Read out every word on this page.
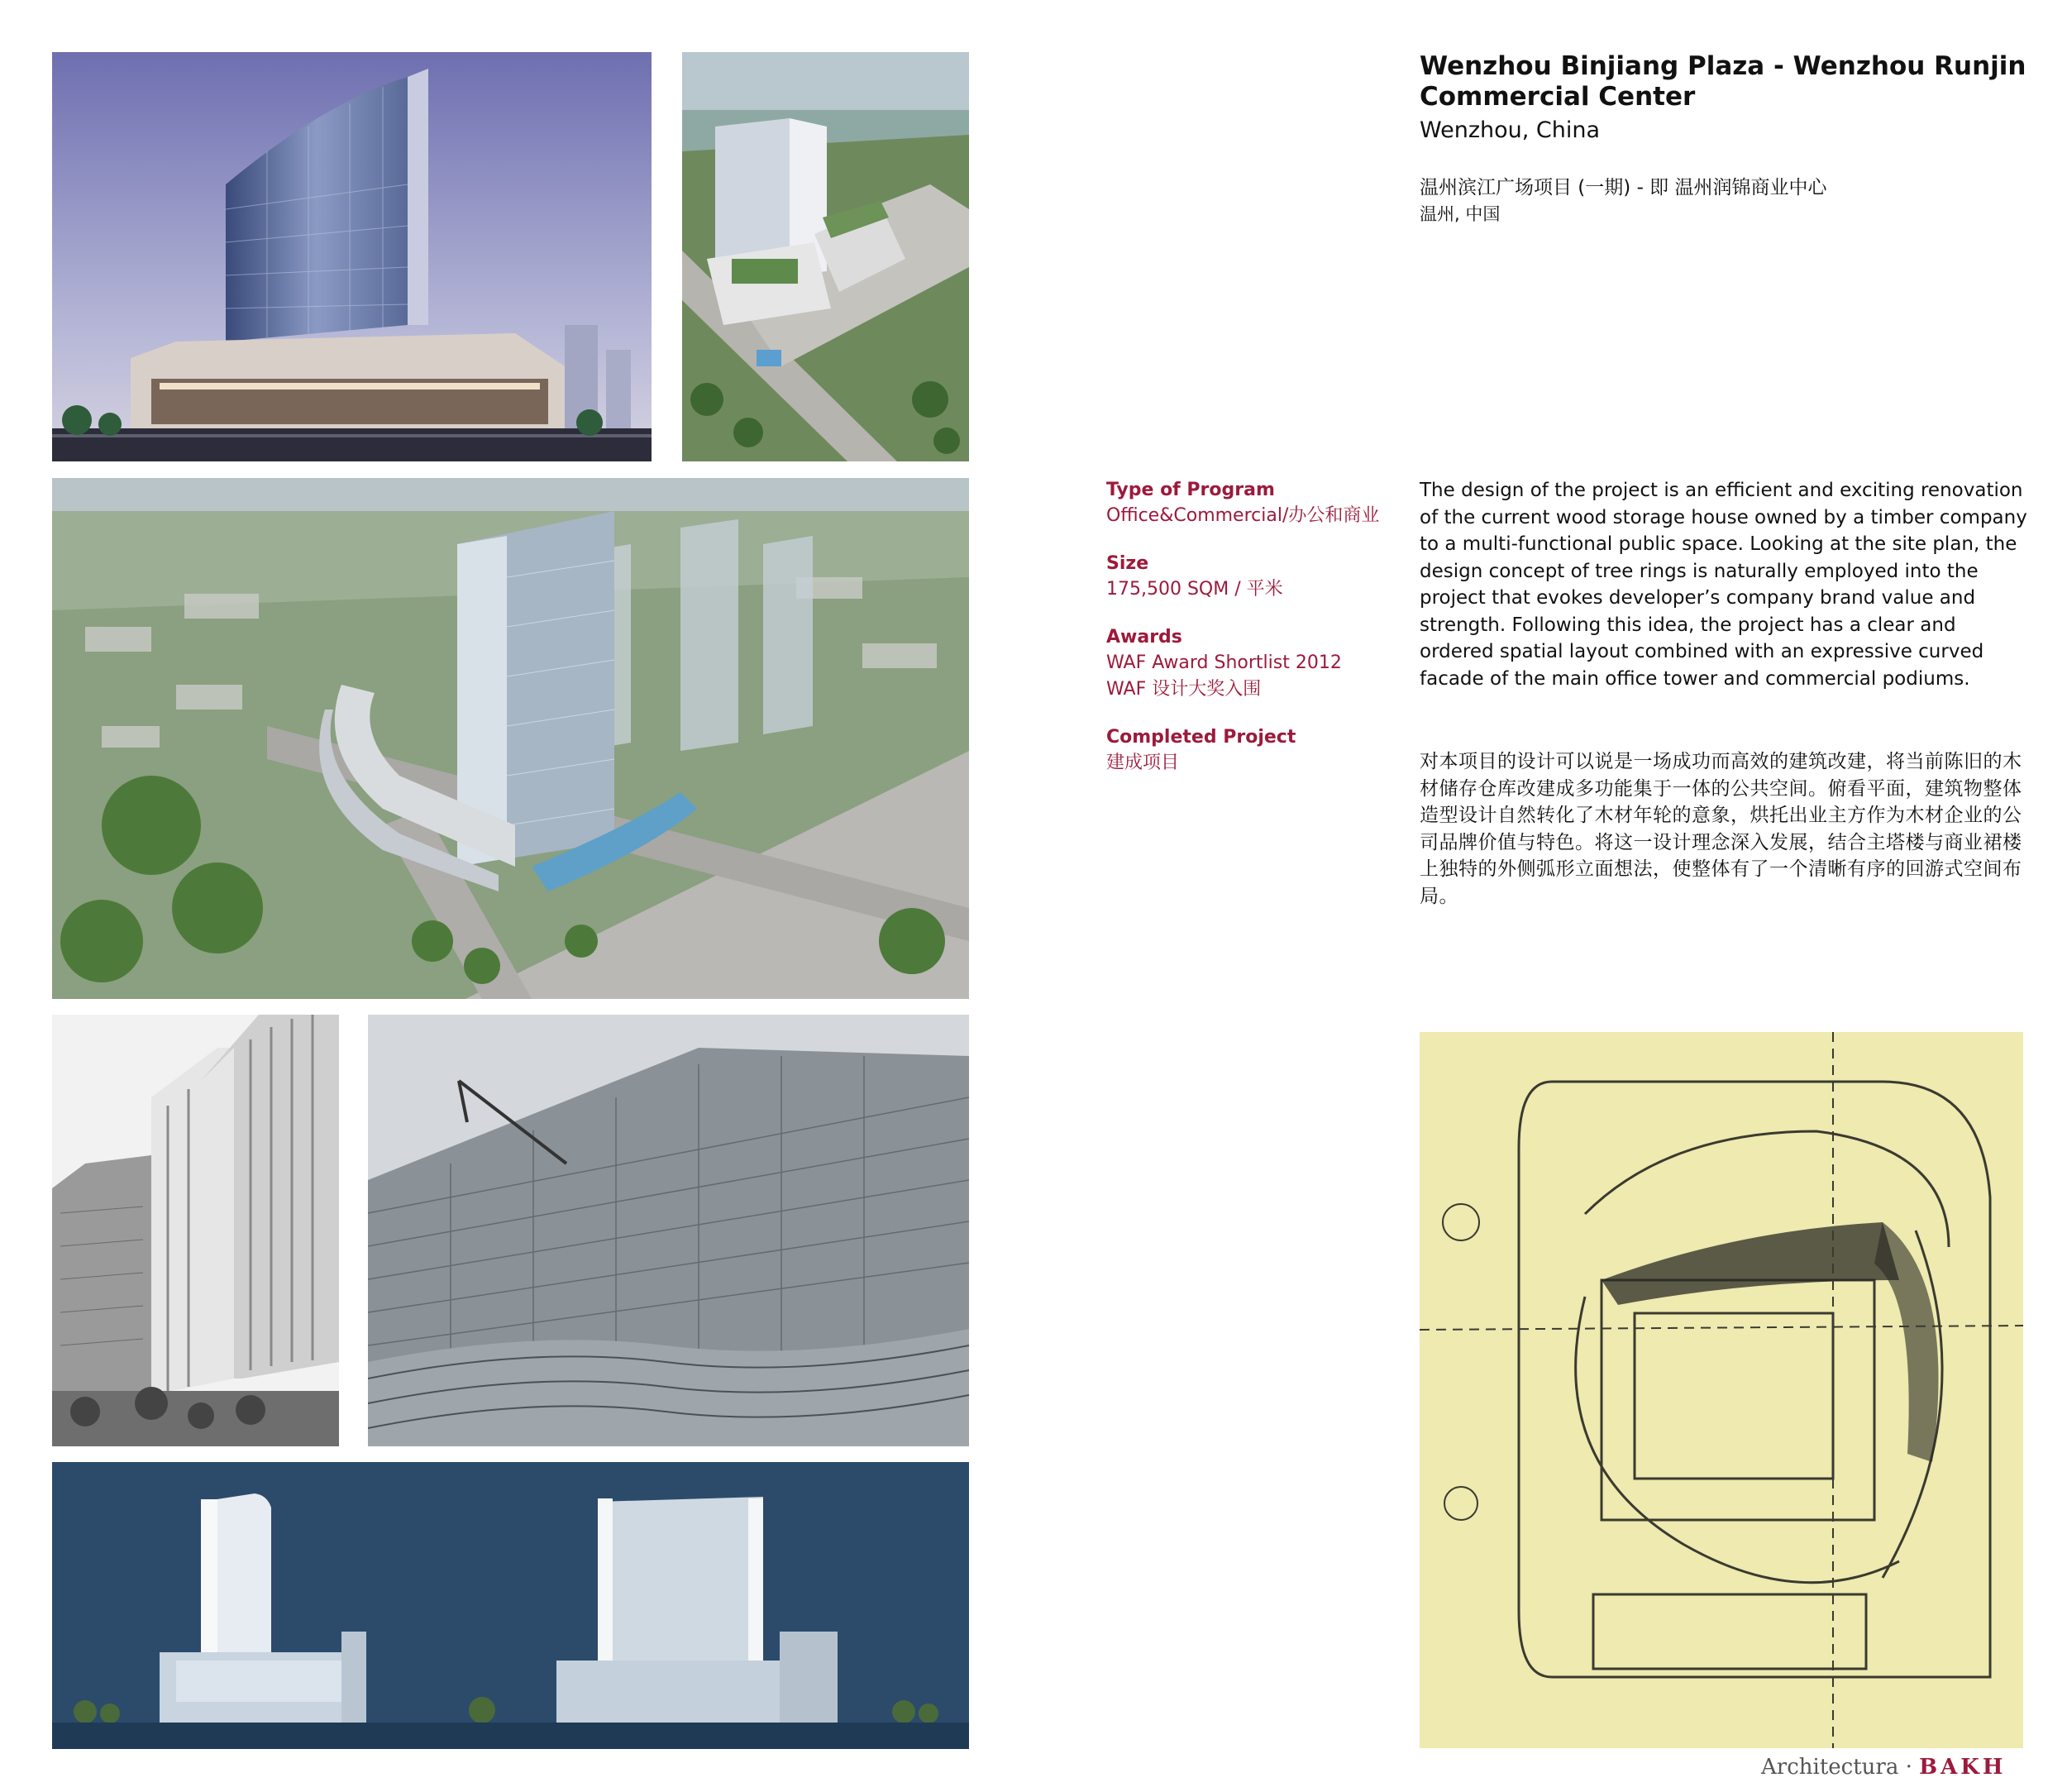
Wenzhou Binjiang Plaza - Wenzhou Runjin Commercial Center
Wenzhou, China
温州滨江广场项目 (一期) - 即 温州润锦商业中心
温州, 中国
Type of Program
Office&Commercial/办公和商业
Size
175,500 SQM / 平米
Awards
WAF Award Shortlist 2012
WAF 设计大奖入围
Completed Project
建成项目

The design of the project is an efficient and exciting renovation of the current wood storage house owned by a timber company to a multi-functional public space. Looking at the site plan, the design concept of tree rings is naturally employed into the project that evokes developer’s company brand value and strength. Following this idea, the project has a clear and ordered spatial layout combined with an expressive curved facade of the main office tower and commercial podiums.

对本项目的设计可以说是一场成功而高效的建筑改建，将当前陈旧的木材储存仓库改建成多功能集于一体的公共空间。俯看平面，建筑物整体造型设计自然转化了木材年轮的意象，烘托出业主方作为木材企业的公司品牌价值与特色。将这一设计理念深入发展，结合主塔楼与商业裙楼上独特的外侧弧形立面想法，使整体有了一个清晰有序的回游式空间布局。

Architectura · BAKH
